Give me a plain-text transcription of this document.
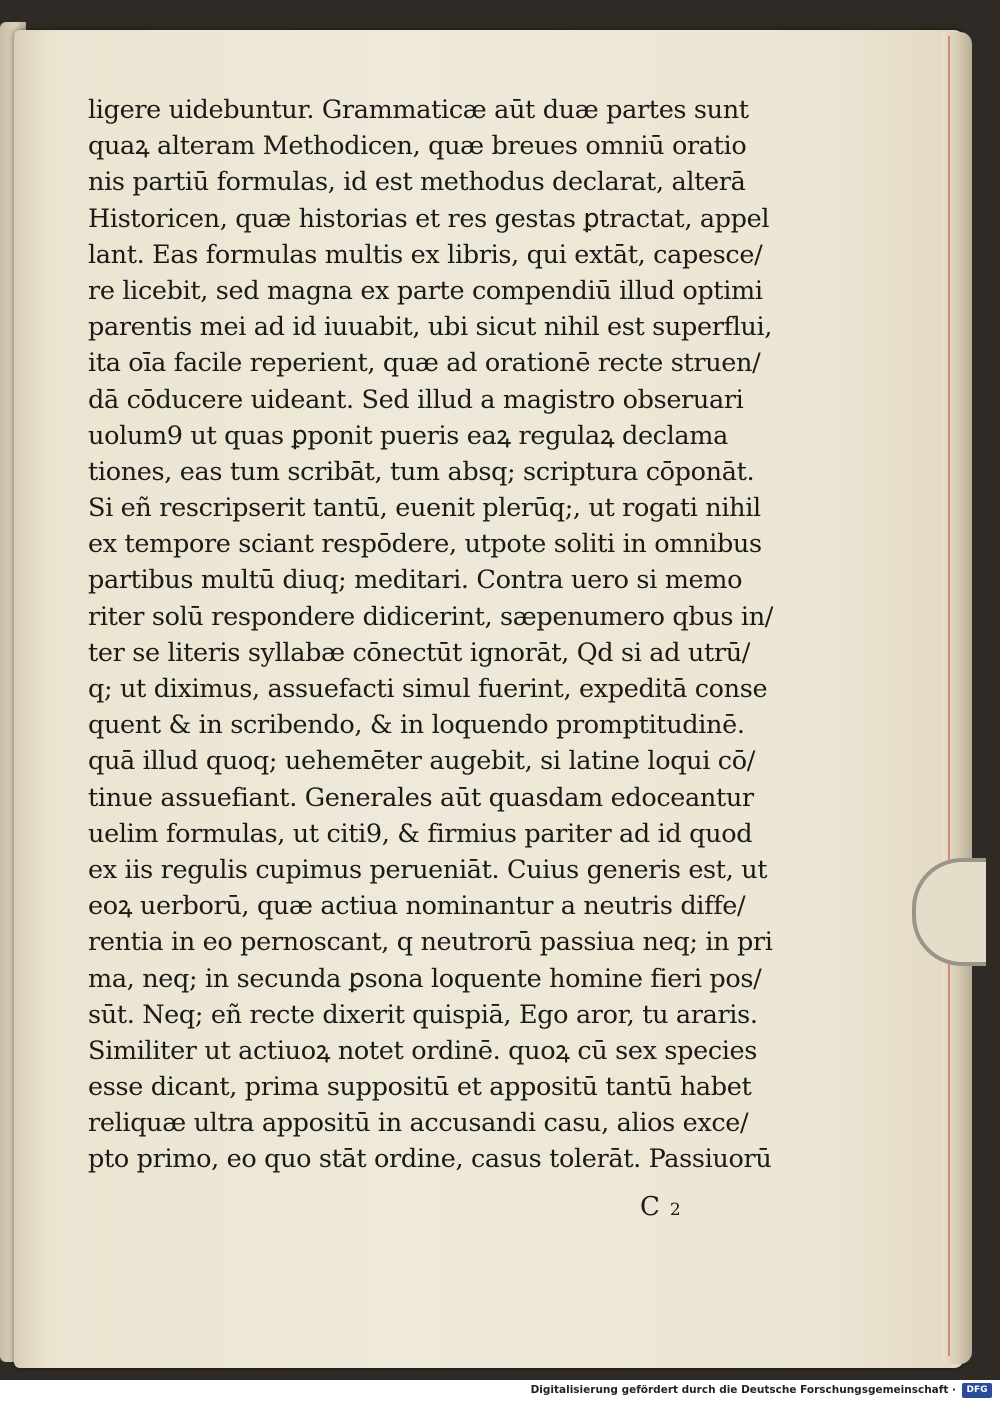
ligere uidebuntur. Grammaticæ aūt duæ partes sunt
quaꝝ alteram Methodicen, quæ breues omniū oratio
nis partiū formulas, id est methodus declarat, alterā
Historicen, quæ historias et res gestas ꝑtractat, appel
lant. Eas formulas multis ex libris, qui extāt, capesce/
re licebit, sed magna ex parte compendiū illud optimi
parentis mei ad id iuuabit, ubi sicut nihil est superflui,
ita oīa facile reperient, quæ ad orationē recte struen/
dā cōducere uideant. Sed illud a magistro obseruari
uolum9 ut quas ꝑponit pueris eaꝝ regulaꝝ declama
tiones, eas tum scribāt, tum absq; scriptura cōponāt.
Si eñ rescripserit tantū, euenit plerūq;, ut rogati nihil
ex tempore sciant respōdere, utpote soliti in omnibus
partibus multū diuq; meditari. Contra uero si memo
riter solū respondere didicerint, sæpenumero qbus in/
ter se literis syllabæ cōnectūt ignorāt, Qd si ad utrū/
q; ut diximus, assuefacti simul fuerint, expeditā conse
quent & in scribendo, & in loquendo promptitudinē.
quā illud quoq; uehemēter augebit, si latine loqui cō/
tinue assuefiant. Generales aūt quasdam edoceantur
uelim formulas, ut citi9, & firmius pariter ad id quod
ex iis regulis cupimus perueniāt. Cuius generis est, ut
eoꝝ uerborū, quæ actiua nominantur a neutris diffe/
rentia in eo pernoscant, q neutrorū passiua neq; in pri
ma, neq; in secunda ꝑsona loquente homine fieri pos/
sūt. Neq; eñ recte dixerit quispiā, Ego aror, tu araris.
Similiter ut actiuoꝝ notet ordinē. quoꝝ cū sex species
esse dicant, prima suppositū et appositū tantū habet
reliquæ ultra appositū in accusandi casu, alios exce/
pto primo, eo quo stāt ordine, casus tolerāt. Passiuorū
C 2
Digitalisierung gefördert durch die Deutsche Forschungsgemeinschaft ·	DFG
